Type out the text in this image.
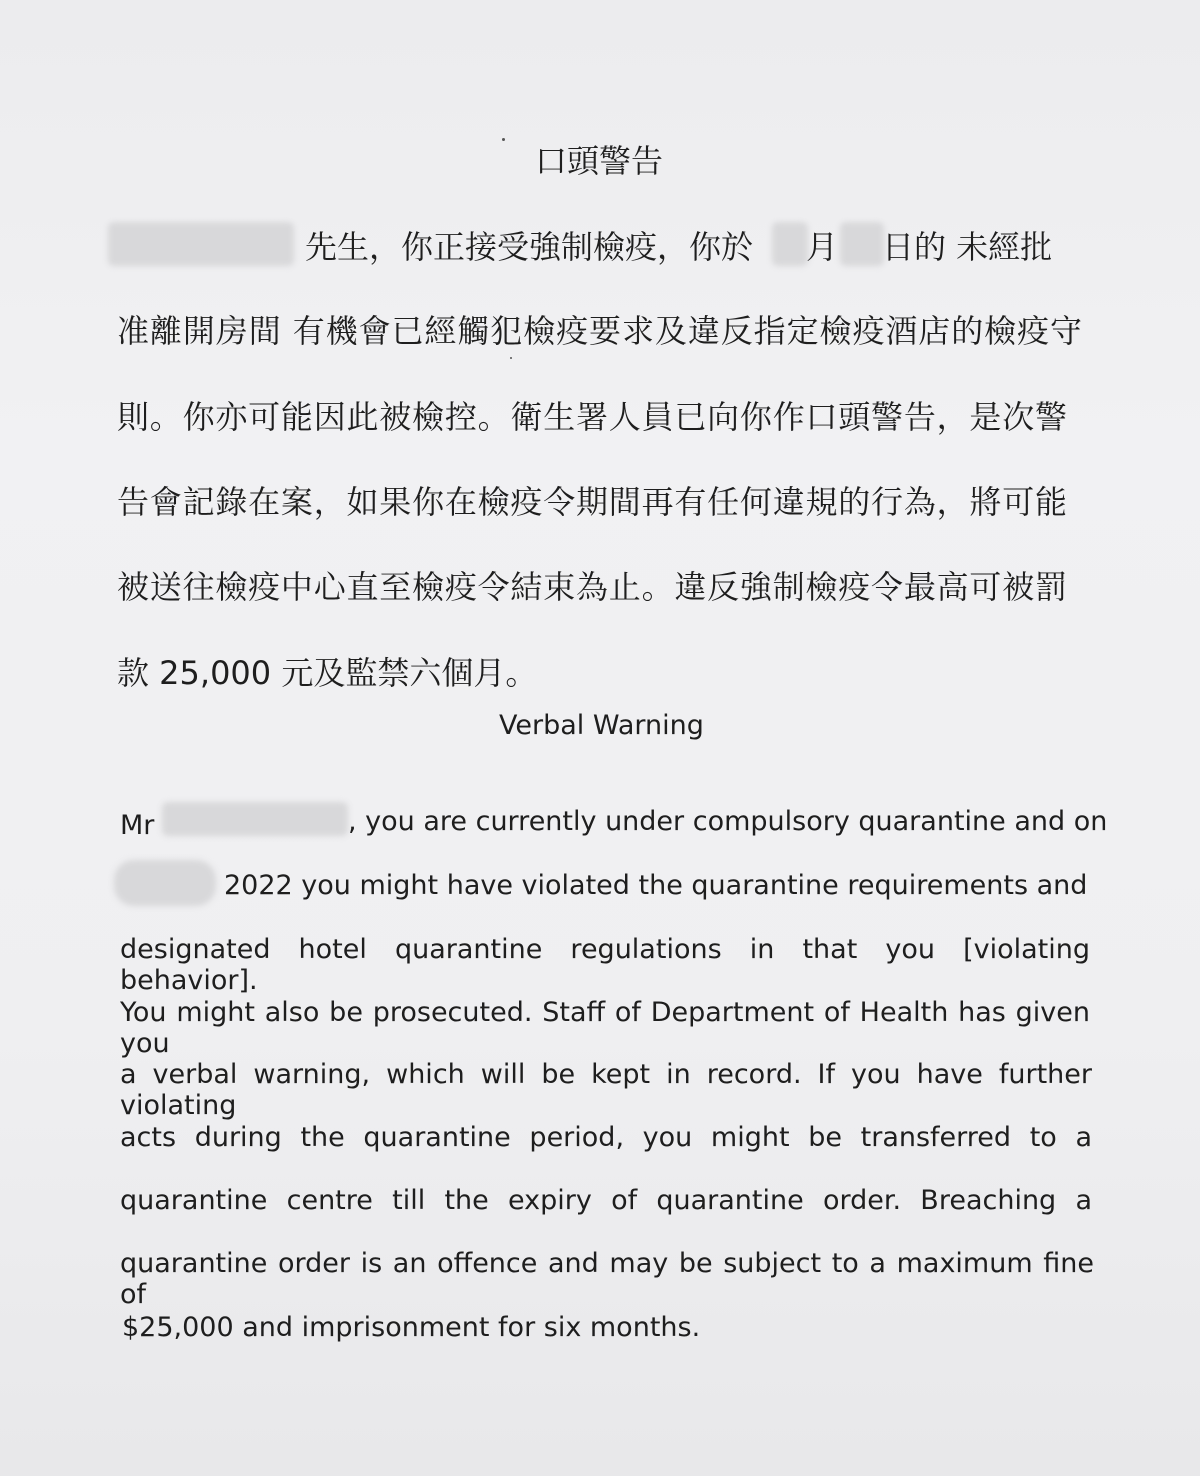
口頭警告
先生，你正接受強制檢疫，你於 月 日的 未經批
准離開房間 有機會已經觸犯檢疫要求及違反指定檢疫酒店的檢疫守
則。你亦可能因此被檢控。衛生署人員已向你作口頭警告，是次警
告會記錄在案，如果你在檢疫令期間再有任何違規的行為，將可能
被送往檢疫中心直至檢疫令結束為止。違反強制檢疫令最高可被罰
款 25,000 元及監禁六個月。
Verbal Warning
Mr	, you are currently under compulsory quarantine and on
2022 you might have violated the quarantine requirements and
designated hotel quarantine regulations in that you [violating behavior].
You might also be prosecuted. Staff of Department of Health has given you
a verbal warning, which will be kept in record. If you have further violating
acts during the quarantine period, you might be transferred to a
quarantine centre till the expiry of quarantine order. Breaching a
quarantine order is an offence and may be subject to a maximum fine of
$25,000 and imprisonment for six months.
